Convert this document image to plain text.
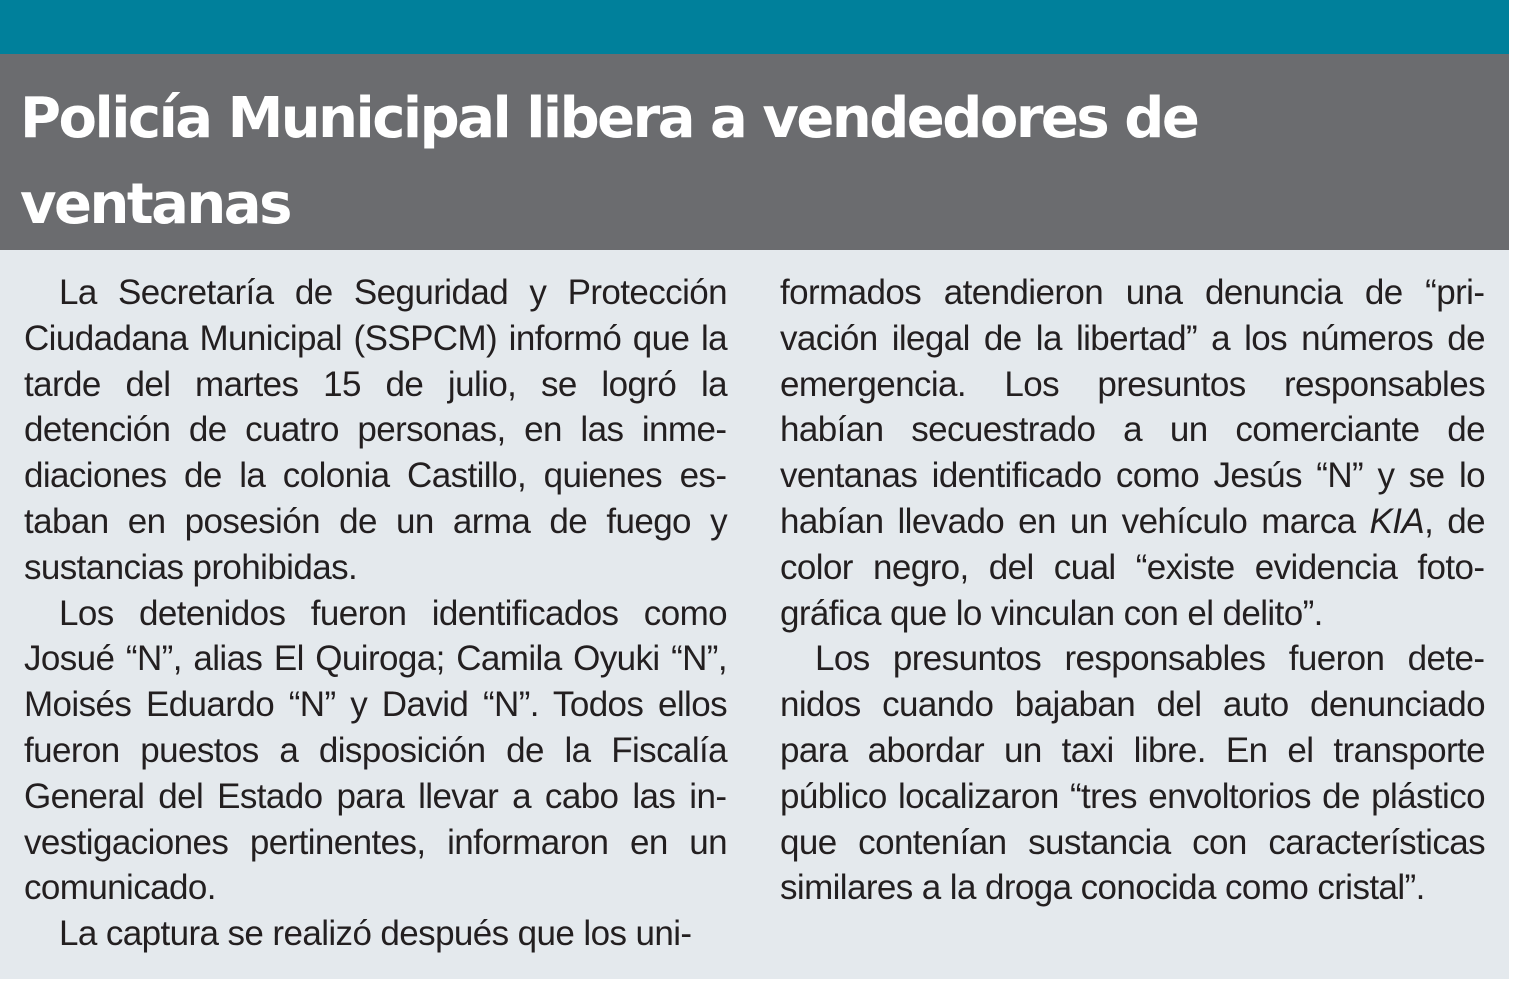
Policía Municipal libera a vendedores de ventanas

La Secretaría de Seguridad y Protección Ciudadana Municipal (SSPCM) informó que la tarde del martes 15 de julio, se logró la detención de cuatro personas, en las inmediaciones de la colonia Castillo, quienes estaban en posesión de un arma de fuego y sustancias prohibidas.

Los detenidos fueron identificados como Josué “N”, alias El Quiroga; Camila Oyuki “N”, Moisés Eduardo “N” y David “N”. Todos ellos fueron puestos a disposición de la Fiscalía General del Estado para llevar a cabo las investigaciones pertinentes, informaron en un comunicado.

La captura se realizó después que los uni-

formados atendieron una denuncia de “privación ilegal de la libertad” a los números de emergencia. Los presuntos responsables habían secuestrado a un comerciante de ventanas identificado como Jesús “N” y se lo habían llevado en un vehículo marca KIA, de color negro, del cual “existe evidencia fotográfica que lo vinculan con el delito”.

Los presuntos responsables fueron detenidos cuando bajaban del auto denunciado para abordar un taxi libre. En el transporte público localizaron “tres envoltorios de plástico que contenían sustancia con características similares a la droga conocida como cristal”.
